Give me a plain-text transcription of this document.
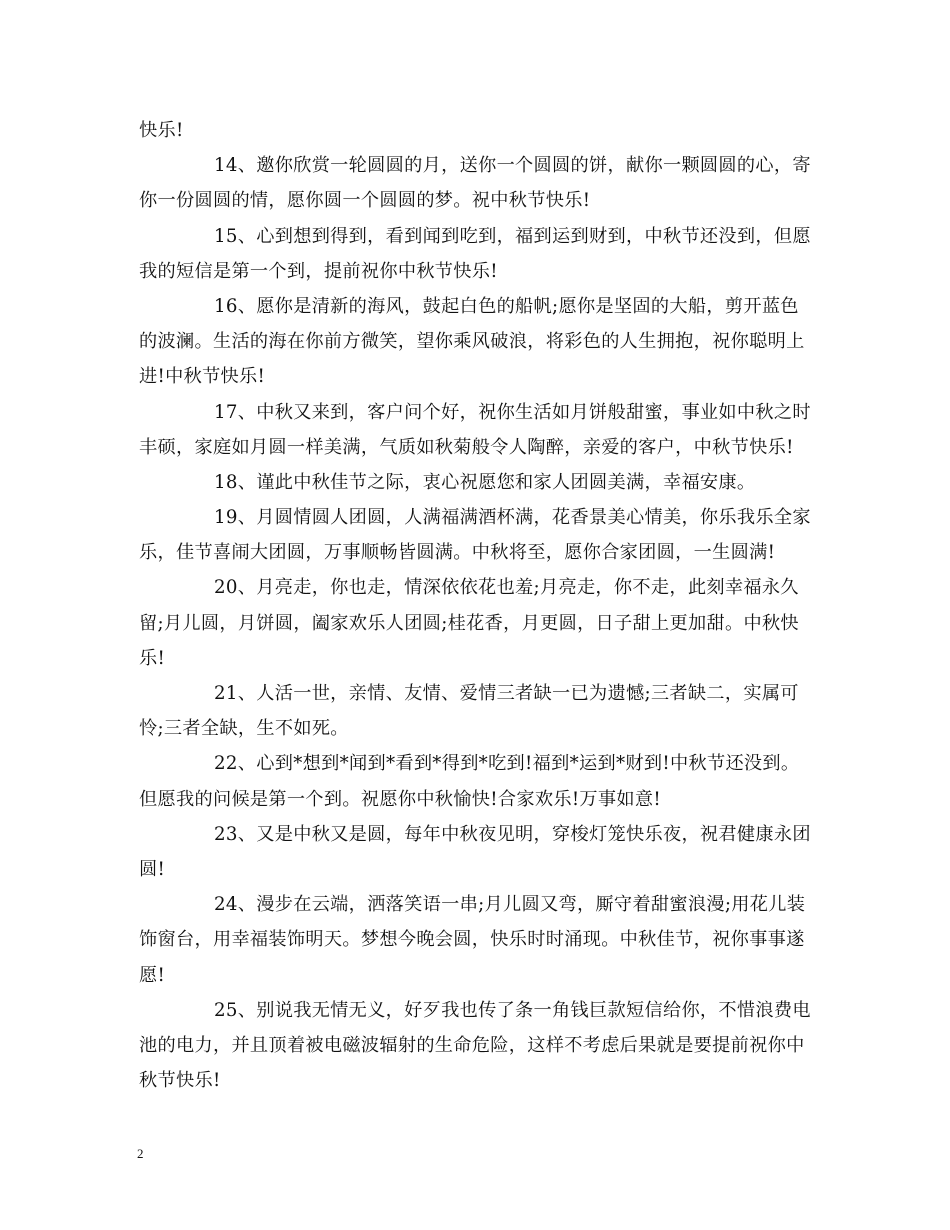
快乐!
14、邀你欣赏一轮圆圆的月，送你一个圆圆的饼，献你一颗圆圆的心，寄
你一份圆圆的情，愿你圆一个圆圆的梦。祝中秋节快乐!
15、心到想到得到，看到闻到吃到，福到运到财到，中秋节还没到，但愿
我的短信是第一个到，提前祝你中秋节快乐!
16、愿你是清新的海风，鼓起白色的船帆;愿你是坚固的大船，剪开蓝色
的波澜。生活的海在你前方微笑，望你乘风破浪，将彩色的人生拥抱，祝你聪明上
进!中秋节快乐!
17、中秋又来到，客户问个好，祝你生活如月饼般甜蜜，事业如中秋之时
丰硕，家庭如月圆一样美满，气质如秋菊般令人陶醉，亲爱的客户，中秋节快乐!
18、谨此中秋佳节之际，衷心祝愿您和家人团圆美满，幸福安康。
19、月圆情圆人团圆，人满福满酒杯满，花香景美心情美，你乐我乐全家
乐，佳节喜闹大团圆，万事顺畅皆圆满。中秋将至，愿你合家团圆，一生圆满!
20、月亮走，你也走，情深依依花也羞;月亮走，你不走，此刻幸福永久
留;月儿圆，月饼圆，阖家欢乐人团圆;桂花香，月更圆，日子甜上更加甜。中秋快
乐!
21、人活一世，亲情、友情、爱情三者缺一已为遗憾;三者缺二，实属可
怜;三者全缺，生不如死。
22、心到*想到*闻到*看到*得到*吃到!福到*运到*财到!中秋节还没到。
但愿我的问候是第一个到。祝愿你中秋愉快!合家欢乐!万事如意!
23、又是中秋又是圆，每年中秋夜见明，穿梭灯笼快乐夜，祝君健康永团
圆!
24、漫步在云端，洒落笑语一串;月儿圆又弯，厮守着甜蜜浪漫;用花儿装
饰窗台，用幸福装饰明天。梦想今晚会圆，快乐时时涌现。中秋佳节，祝你事事遂
愿!
25、别说我无情无义，好歹我也传了条一角钱巨款短信给你，不惜浪费电
池的电力，并且顶着被电磁波辐射的生命危险，这样不考虑后果就是要提前祝你中
秋节快乐!
2
